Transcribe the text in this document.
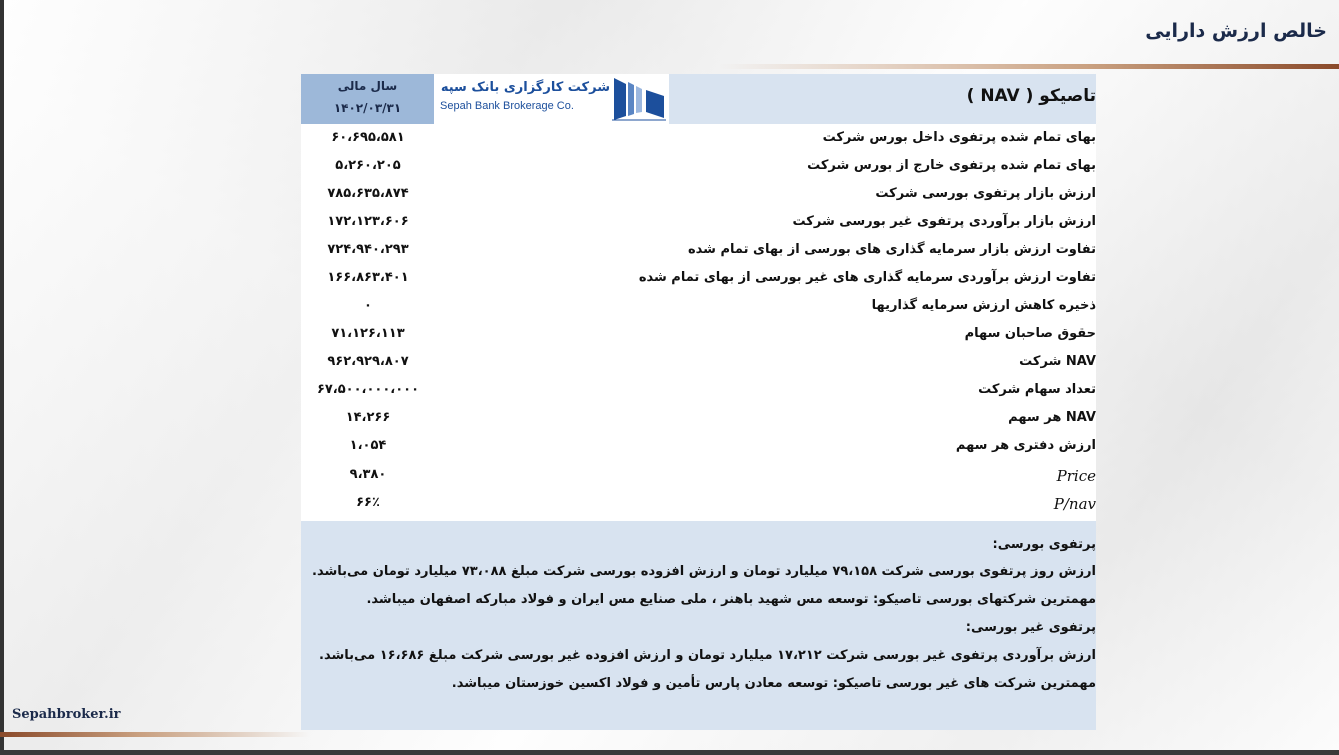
خالص ارزش دارایی
سال مالی
۱۴۰۲/۰۳/۳۱
شرکت کارگزاری بانک سپه
Sepah Bank Brokerage Co.	تاصیکو ( NAV )
بهای تمام شده پرتفوی داخل بورس شرکت
۶۰،۶۹۵،۵۸۱
بهای تمام شده پرتفوی خارج از بورس شرکت
۵،۲۶۰،۲۰۵
ارزش بازار پرتفوی بورسی شرکت
۷۸۵،۶۳۵،۸۷۴
ارزش بازار برآوردی پرتفوی غیر بورسی شرکت
۱۷۲،۱۲۳،۶۰۶
تفاوت ارزش بازار سرمایه گذاری های بورسی از بهای تمام شده
۷۲۴،۹۴۰،۲۹۳
تفاوت ارزش برآوردی سرمایه گذاری های غیر بورسی از بهای تمام شده
۱۶۶،۸۶۳،۴۰۱
ذخیره کاهش ارزش سرمایه گذاریها
۰
حقوق صاحبان سهام
۷۱،۱۲۶،۱۱۳
NAV شرکت
۹۶۲،۹۲۹،۸۰۷
تعداد سهام شرکت
۶۷،۵۰۰،۰۰۰،۰۰۰
NAV هر سهم
۱۴،۲۶۶
ارزش دفتری هر سهم
۱،۰۵۴
Price
۹،۳۸۰
P/nav
۶۶٪
پرتفوی بورسی:
ارزش روز پرتفوی بورسی شرکت ۷۹،۱۵۸ میلیارد تومان و ارزش افزوده بورسی شرکت مبلغ ۷۳،۰۸۸ میلیارد تومان می‌باشد.
مهمترین شرکتهای بورسی تاصیکو: توسعه مس شهید باهنر ، ملی صنایع مس ایران و فولاد مبارکه اصفهان میباشد.
پرتفوی غیر بورسی:
ارزش برآوردی پرتفوی غیر بورسی شرکت ۱۷،۲۱۲ میلیارد تومان و ارزش افزوده غیر بورسی شرکت مبلغ ۱۶،۶۸۶ می‌باشد.
مهمترین شرکت های غیر بورسی تاصیکو: توسعه معادن پارس تأمین و فولاد اکسین خوزستان میباشد.
Sepahbroker.ir
